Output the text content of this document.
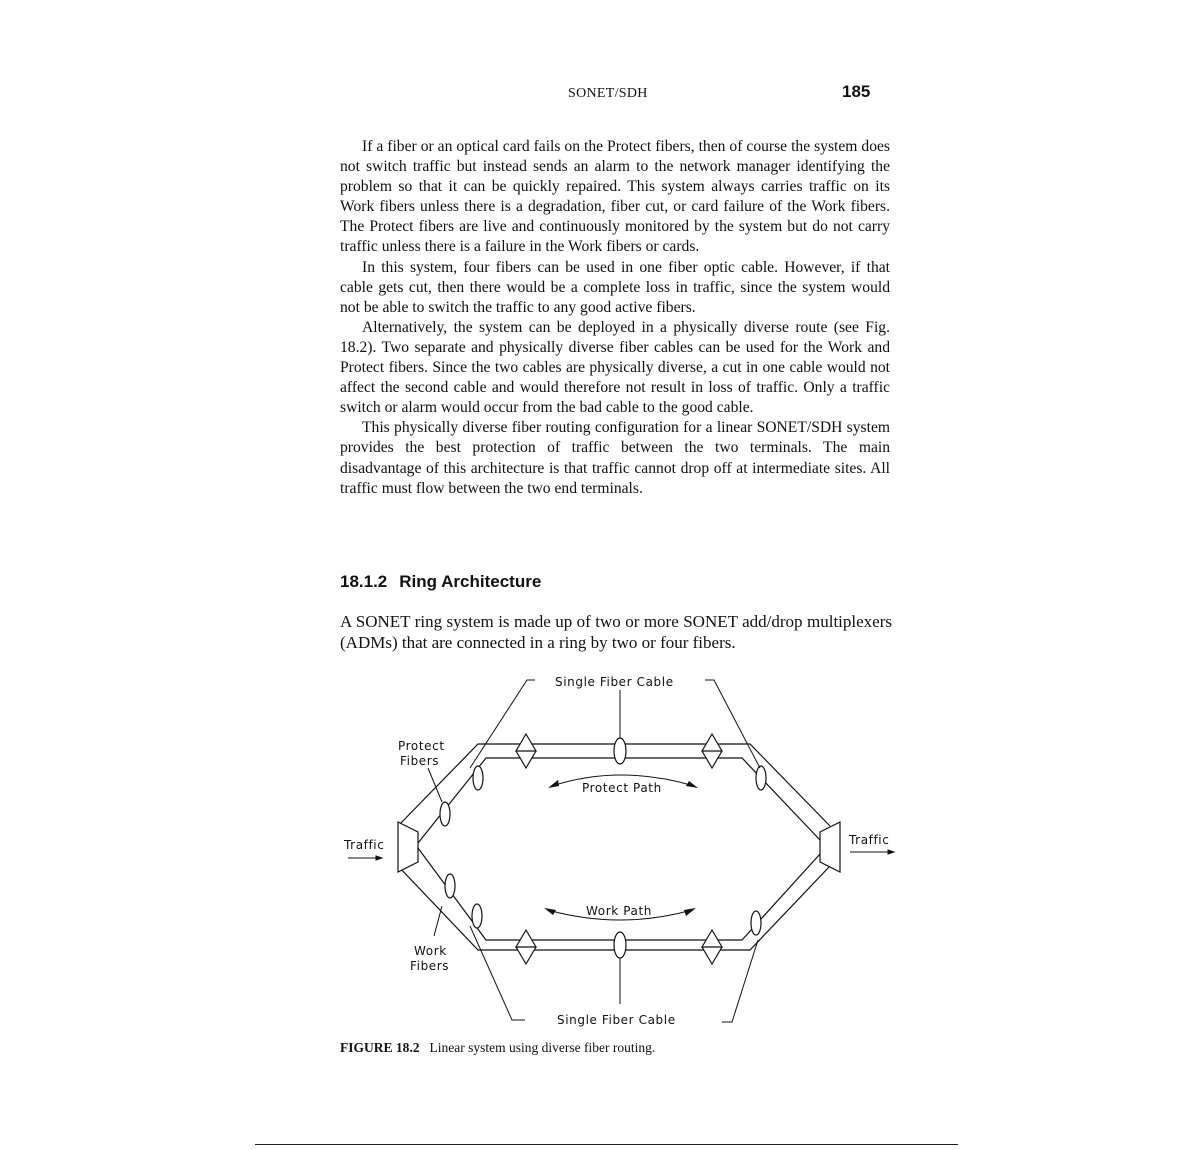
SONET/SDH	185

If a fiber or an optical card fails on the Protect fibers, then of course the system does not switch traffic but instead sends an alarm to the network manager identifying the problem so that it can be quickly repaired. This system always carries traffic on its Work fibers unless there is a degradation, fiber cut, or card failure of the Work fibers. The Protect fibers are live and continuously monitored by the system but do not carry traffic unless there is a failure in the Work fibers or cards.

In this system, four fibers can be used in one fiber optic cable. However, if that cable gets cut, then there would be a complete loss in traffic, since the system would not be able to switch the traffic to any good active fibers.

Alternatively, the system can be deployed in a physically diverse route (see Fig. 18.2). Two separate and physically diverse fiber cables can be used for the Work and Protect fibers. Since the two cables are physically diverse, a cut in one cable would not affect the second cable and would therefore not result in loss of traffic. Only a traffic switch or alarm would occur from the bad cable to the good cable.

This physically diverse fiber routing configuration for a linear SONET/SDH system provides the best protection of traffic between the two terminals. The main disadvantage of this architecture is that traffic cannot drop off at intermediate sites. All traffic must flow between the two end terminals.

18.1.2 Ring Architecture

A SONET ring system is made up of two or more SONET add/drop multiplexers (ADMs) that are connected in a ring by two or four fibers.

Single Fiber Cable
Protect
Fibers
Protect Path
Traffic	Traffic
Work Path
Work
Fibers
Single Fiber Cable
FIGURE 18.2 Linear system using diverse fiber routing.
